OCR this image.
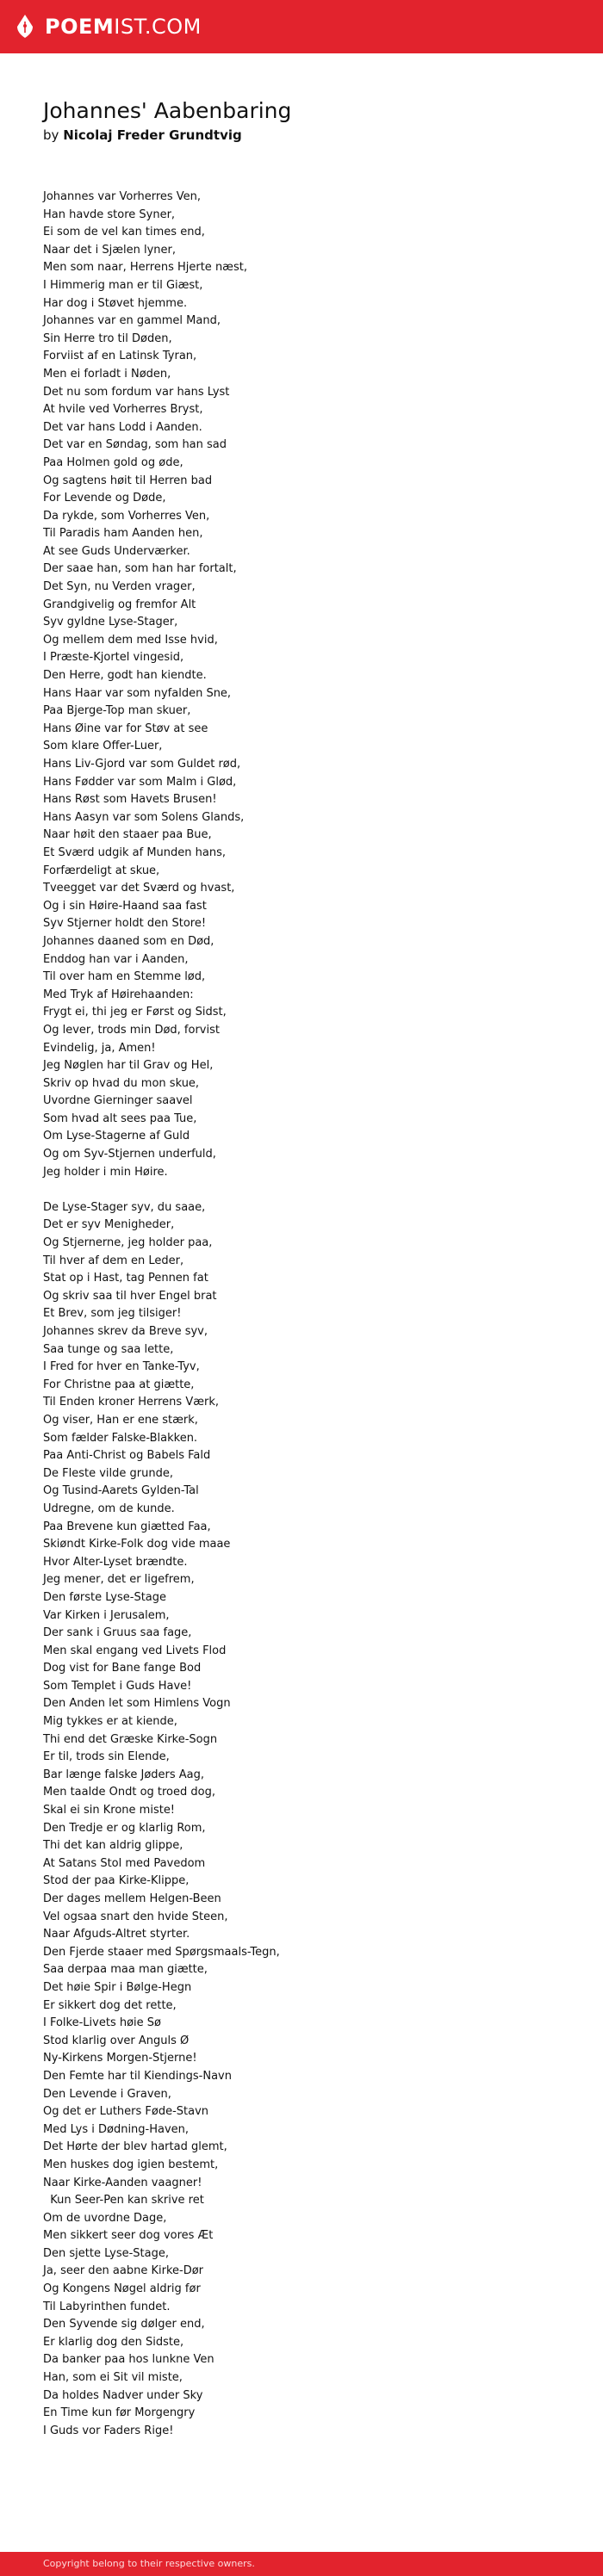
POEMIST.COM
Johannes' Aabenbaring
by Nicolaj Freder Grundtvig
Johannes var Vorherres Ven,
Han havde store Syner,
Ei som de vel kan times end,
Naar det i Sjælen lyner,
Men som naar, Herrens Hjerte næst,
I Himmerig man er til Giæst,
Har dog i Støvet hjemme.
Johannes var en gammel Mand,
Sin Herre tro til Døden,
Forviist af en Latinsk Tyran,
Men ei forladt i Nøden,
Det nu som fordum var hans Lyst
At hvile ved Vorherres Bryst,
Det var hans Lodd i Aanden.
Det var en Søndag, som han sad
Paa Holmen gold og øde,
Og sagtens høit til Herren bad
For Levende og Døde,
Da rykde, som Vorherres Ven,
Til Paradis ham Aanden hen,
At see Guds Underværker.
Der saae han, som han har fortalt,
Det Syn, nu Verden vrager,
Grandgivelig og fremfor Alt
Syv gyldne Lyse-Stager,
Og mellem dem med Isse hvid,
I Præste-Kjortel vingesid,
Den Herre, godt han kiendte.
Hans Haar var som nyfalden Sne,
Paa Bjerge-Top man skuer,
Hans Øine var for Støv at see
Som klare Offer-Luer,
Hans Liv-Gjord var som Guldet rød,
Hans Fødder var som Malm i Glød,
Hans Røst som Havets Brusen!
Hans Aasyn var som Solens Glands,
Naar høit den staaer paa Bue,
Et Sværd udgik af Munden hans,
Forfærdeligt at skue,
Tveegget var det Sværd og hvast,
Og i sin Høire-Haand saa fast
Syv Stjerner holdt den Store!
Johannes daaned som en Død,
Enddog han var i Aanden,
Til over ham en Stemme lød,
Med Tryk af Høirehaanden:
Frygt ei, thi jeg er Først og Sidst,
Og lever, trods min Død, forvist
Evindelig, ja, Amen!
Jeg Nøglen har til Grav og Hel,
Skriv op hvad du mon skue,
Uvordne Gierninger saavel
Som hvad alt sees paa Tue,
Om Lyse-Stagerne af Guld
Og om Syv-Stjernen underfuld,
Jeg holder i min Høire.
De Lyse-Stager syv, du saae,
Det er syv Menigheder,
Og Stjernerne, jeg holder paa,
Til hver af dem en Leder,
Stat op i Hast, tag Pennen fat
Og skriv saa til hver Engel brat
Et Brev, som jeg tilsiger!
Johannes skrev da Breve syv,
Saa tunge og saa lette,
I Fred for hver en Tanke-Tyv,
For Christne paa at giætte,
Til Enden kroner Herrens Værk,
Og viser, Han er ene stærk,
Som fælder Falske-Blakken.
Paa Anti-Christ og Babels Fald
De Fleste vilde grunde,
Og Tusind-Aarets Gylden-Tal
Udregne, om de kunde.
Paa Brevene kun giætted Faa,
Skiøndt Kirke-Folk dog vide maae
Hvor Alter-Lyset brændte.
Jeg mener, det er ligefrem,
Den første Lyse-Stage
Var Kirken i Jerusalem,
Der sank i Gruus saa fage,
Men skal engang ved Livets Flod
Dog vist for Bane fange Bod
Som Templet i Guds Have!
Den Anden let som Himlens Vogn
Mig tykkes er at kiende,
Thi end det Græske Kirke-Sogn
Er til, trods sin Elende,
Bar længe falske Jøders Aag,
Men taalde Ondt og troed dog,
Skal ei sin Krone miste!
Den Tredje er og klarlig Rom,
Thi det kan aldrig glippe,
At Satans Stol med Pavedom
Stod der paa Kirke-Klippe,
Der dages mellem Helgen-Been
Vel ogsaa snart den hvide Steen,
Naar Afguds-Altret styrter.
Den Fjerde staaer med Spørgsmaals-Tegn,
Saa derpaa maa man giætte,
Det høie Spir i Bølge-Hegn
Er sikkert dog det rette,
I Folke-Livets høie Sø
Stod klarlig over Anguls Ø
Ny-Kirkens Morgen-Stjerne!
Den Femte har til Kiendings-Navn
Den Levende i Graven,
Og det er Luthers Føde-Stavn
Med Lys i Dødning-Haven,
Det Hørte der blev hartad glemt,
Men huskes dog igien bestemt,
Naar Kirke-Aanden vaagner!
Kun Seer-Pen kan skrive ret
Om de uvordne Dage,
Men sikkert seer dog vores Æt
Den sjette Lyse-Stage,
Ja, seer den aabne Kirke-Dør
Og Kongens Nøgel aldrig før
Til Labyrinthen fundet.
Den Syvende sig dølger end,
Er klarlig dog den Sidste,
Da banker paa hos lunkne Ven
Han, som ei Sit vil miste,
Da holdes Nadver under Sky
En Time kun før Morgengry
I Guds vor Faders Rige!
Copyright belong to their respective owners.
